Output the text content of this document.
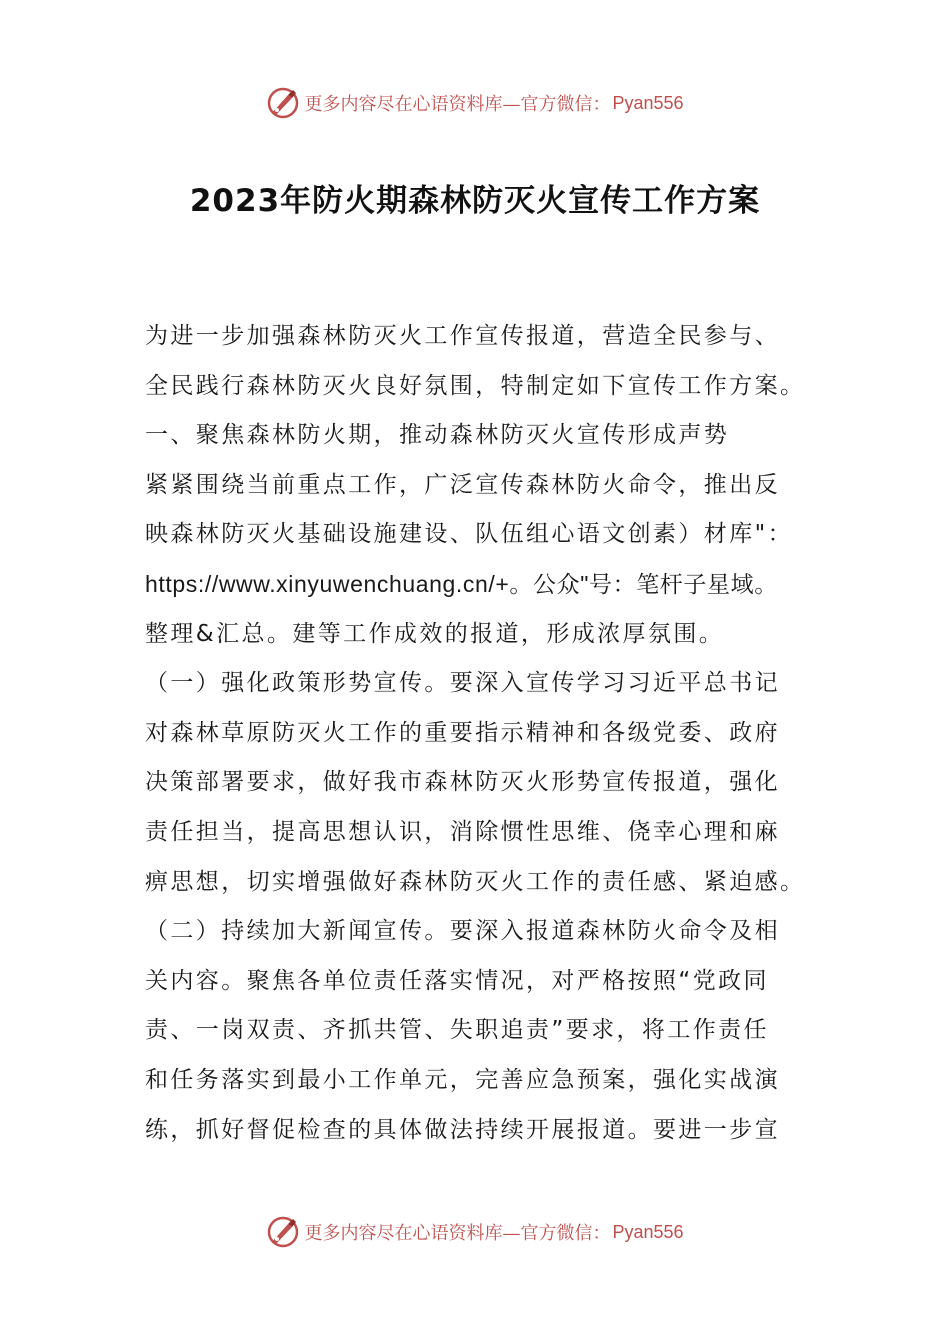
更多内容尽在心语资料库—官方微信： Pyan556
2023年防火期森林防灭火宣传工作方案
为进一步加强森林防灭火工作宣传报道，营造全民参与、
全民践行森林防灭火良好氛围，特制定如下宣传工作方案。
一、聚焦森林防火期，推动森林防灭火宣传形成声势
紧紧围绕当前重点工作，广泛宣传森林防火命令，推出反
映森林防灭火基础设施建设、队伍组心语文创素）材库"：
https://www.xinyuwenchuang.cn/+。公众"号：笔杆子星域。
整理&汇总。建等工作成效的报道，形成浓厚氛围。
（一）强化政策形势宣传。要深入宣传学习习近平总书记
对森林草原防灭火工作的重要指示精神和各级党委、政府
决策部署要求，做好我市森林防灭火形势宣传报道，强化
责任担当，提高思想认识，消除惯性思维、侥幸心理和麻
痹思想，切实增强做好森林防灭火工作的责任感、紧迫感。
（二）持续加大新闻宣传。要深入报道森林防火命令及相
关内容。聚焦各单位责任落实情况，对严格按照“党政同
责、一岗双责、齐抓共管、失职追责”要求，将工作责任
和任务落实到最小工作单元，完善应急预案，强化实战演
练，抓好督促检查的具体做法持续开展报道。要进一步宣
更多内容尽在心语资料库—官方微信： Pyan556
